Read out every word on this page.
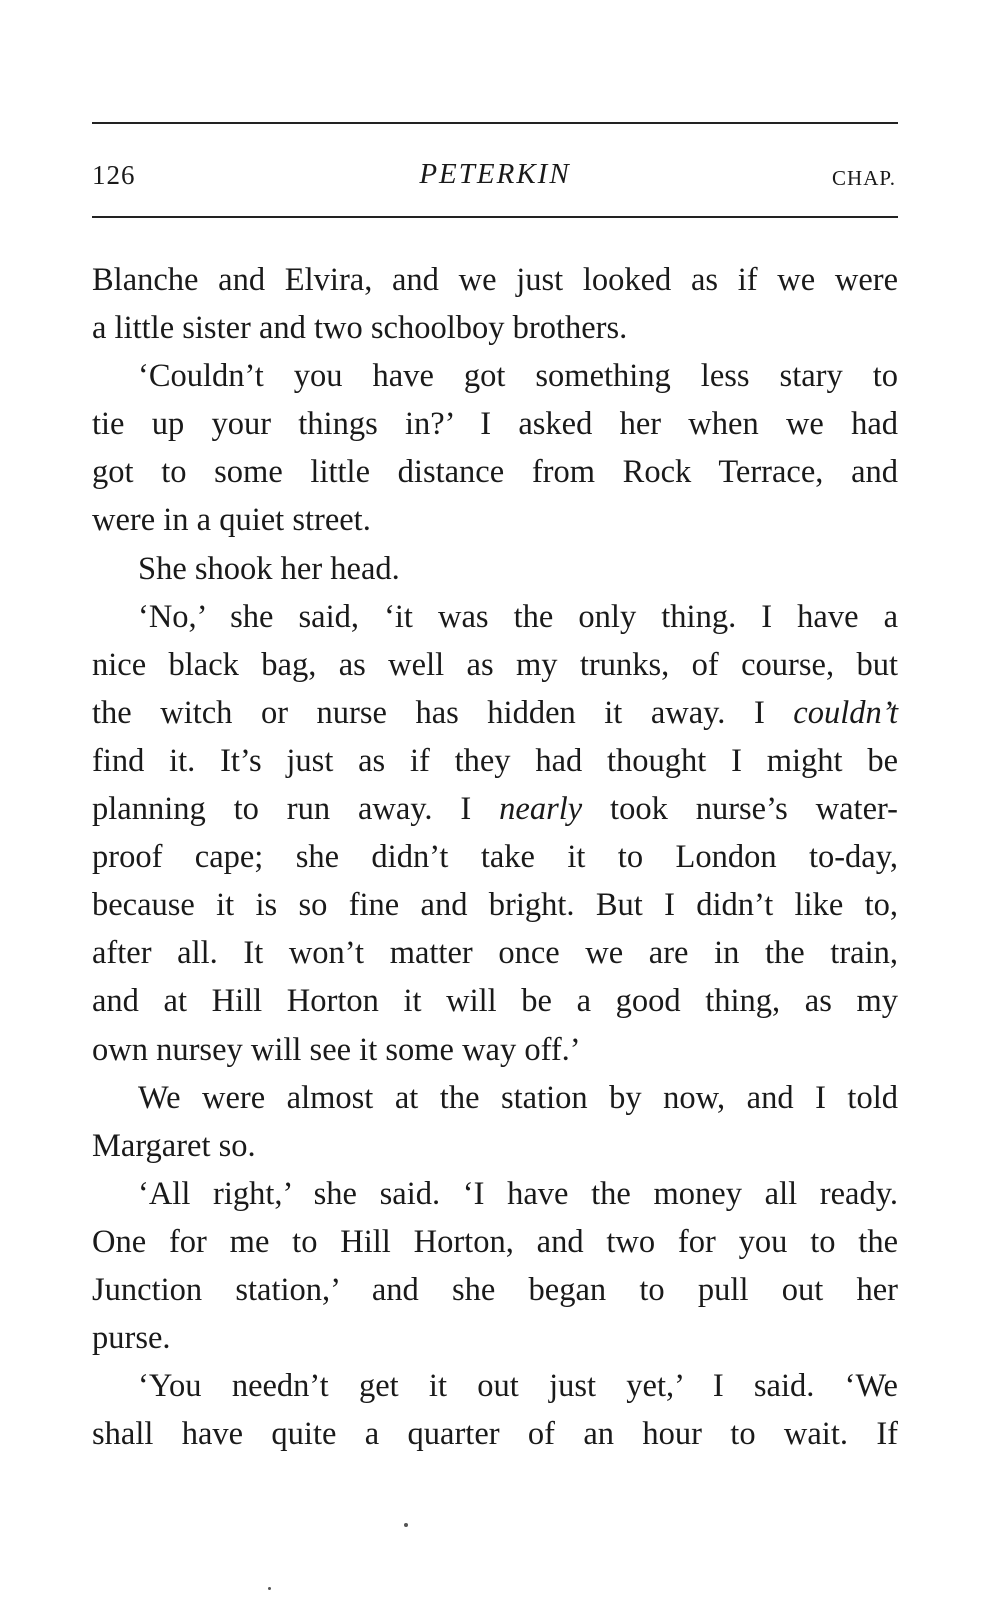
126	PETERKIN	CHAP.
Blanche and Elvira, and we just looked as if we were
a little sister and two schoolboy brothers.
‘Couldn’t you have got something less stary to
tie up your things in?’ I asked her when we had
got to some little distance from Rock Terrace, and
were in a quiet street.
She shook her head.
‘No,’ she said, ‘it was the only thing. I have a
nice black bag, as well as my trunks, of course, but
the witch or nurse has hidden it away. I couldn’t
find it. It’s just as if they had thought I might be
planning to run away. I nearly took nurse’s water-
proof cape; she didn’t take it to London to-day,
because it is so fine and bright. But I didn’t like to,
after all. It won’t matter once we are in the train,
and at Hill Horton it will be a good thing, as my
own nursey will see it some way off.’
We were almost at the station by now, and I told
Margaret so.
‘All right,’ she said. ‘I have the money all ready.
One for me to Hill Horton, and two for you to the
Junction station,’ and she began to pull out her
purse.
‘You needn’t get it out just yet,’ I said. ‘We
shall have quite a quarter of an hour to wait. If
